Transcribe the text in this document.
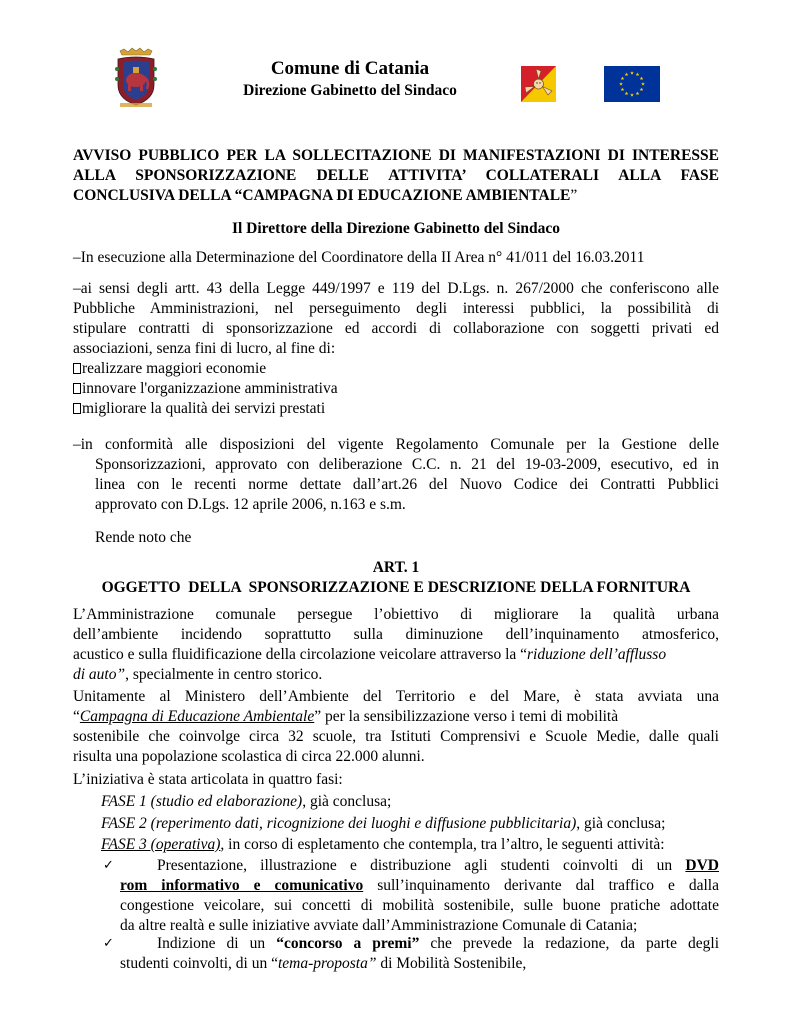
Comune di Catania
Direzione Gabinetto del Sindaco
AVVISO PUBBLICO PER LA SOLLECITAZIONE DI MANIFESTAZIONI DI INTERESSE
ALLA SPONSORIZZAZIONE DELLE ATTIVITA’ COLLATERALI ALLA FASE
CONCLUSIVA DELLA “CAMPAGNA DI EDUCAZIONE AMBIENTALE”
Il Direttore della Direzione Gabinetto del Sindaco
–In esecuzione alla Determinazione del Coordinatore della II Area n° 41/011 del 16.03.2011
–ai sensi degli artt. 43 della Legge 449/1997 e 119 del D.Lgs. n. 267/2000 che conferiscono alle
Pubbliche Amministrazioni, nel perseguimento degli interessi pubblici, la possibilità di
stipulare contratti di sponsorizzazione ed accordi di collaborazione con soggetti privati ed
associazioni, senza fini di lucro, al fine di:
realizzare maggiori economie
innovare l'organizzazione amministrativa
migliorare la qualità dei servizi prestati
–in conformità alle disposizioni del vigente Regolamento Comunale per la Gestione delle
Sponsorizzazioni, approvato con deliberazione C.C. n. 21 del 19-03-2009, esecutivo, ed in
linea con le recenti norme dettate dall’art.26 del Nuovo Codice dei Contratti Pubblici
approvato con D.Lgs. 12 aprile 2006, n.163 e s.m.
Rende noto che
ART. 1
OGGETTO  DELLA  SPONSORIZZAZIONE E DESCRIZIONE DELLA FORNITURA
L’Amministrazione comunale persegue l’obiettivo di migliorare la qualità urbana
dell’ambiente incidendo soprattutto sulla diminuzione dell’inquinamento atmosferico,
acustico e sulla fluidificazione della circolazione veicolare attraverso la “riduzione dell’afflusso
di auto”, specialmente in centro storico.
Unitamente al Ministero dell’Ambiente del Territorio e del Mare, è stata avviata una
“Campagna di Educazione Ambientale” per la sensibilizzazione verso i temi di mobilità
sostenibile che coinvolge circa 32 scuole, tra Istituti Comprensivi e Scuole Medie, dalle quali
risulta una popolazione scolastica di circa 22.000 alunni.
L’iniziativa è stata articolata in quattro fasi:
FASE 1 (studio ed elaborazione), già conclusa;
FASE 2 (reperimento dati, ricognizione dei luoghi e diffusione pubblicitaria), già conclusa;
FASE 3 (operativa), in corso di espletamento che contempla, tra l’altro, le seguenti attività:
✓	Presentazione, illustrazione e distribuzione agli studenti coinvolti di un DVD
rom informativo e comunicativo sull’inquinamento derivante dal traffico e dalla
congestione veicolare, sui concetti di mobilità sostenibile, sulle buone pratiche adottate
da altre realtà e sulle iniziative avviate dall’Amministrazione Comunale di Catania;
✓	Indizione di un “concorso a premi” che prevede la redazione, da parte degli
studenti coinvolti, di un “tema-proposta” di Mobilità Sostenibile,
